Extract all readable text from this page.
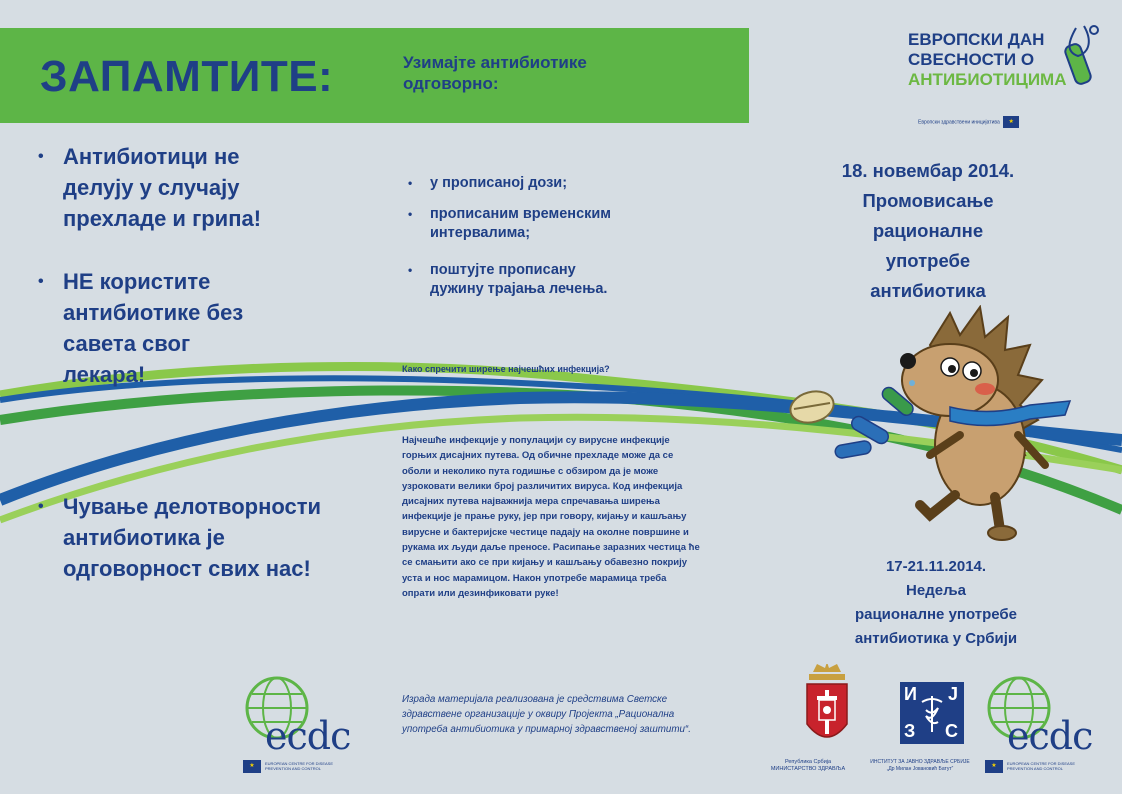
ЗАПАМТИТЕ:	Узимајте антибиотике одговорно:
ЕВРОПСКИ ДАН
СВЕСНОСТИ О
АНТИБИОТИЦИМА
Европски здравствени иницијатива ★
• Антибиотици не делују у случају прехладе и грипа!
• НЕ користите антибиотике без савета свог лекара!
• Чување делотворности антибиотика је одговорност свих нас!
• у прописаној дози;
• прописаним временским интервалима;
• поштујте прописану дужину трајања лечења.
Како спречити ширење најчешћих инфекција?
Најчешће инфекције у популацији су вирусне инфекције горњих дисајних путева. Од обичне прехладе може да се оболи и неколико пута годишње с обзиром да је може узроковати велики број различитих вируса. Код инфекција дисајних путева најважнија мера спречавања ширења инфекције је прање руку, јер при говору, кијању и кашљању вирусне и бактеријске честице падају на околне површине и рукама их људи даље преносе. Расипање заразних честица ће се смањити ако се при кијању и кашљању обавезно покрију уста и нос марамицом. Након употребе марамица треба опрати или дезинфиковати руке!
Израда материјала реализована је средствима Светске здравствене организације у оквиру Пројекта „Рационална употреба антибиотика у примарној здравственој заштити“.
18. новембар 2014.
Промовисање
рационалне
употребе
антибиотика
17-21.11.2014.
Недеља
рационалне употребе
антибиотика у Србији
ecdc
★	EUROPEAN CENTRE FOR DISEASE PREVENTION AND CONTROL
Република Србија
МИНИСТАРСТВО ЗДРАВЉА
И Ј
З С
ИНСТИТУТ ЗА ЈАВНО ЗДРАВЉЕ СРБИЈЕ
„Др Милан Јовановић Батут“
ecdc
★	EUROPEAN CENTRE FOR DISEASE PREVENTION AND CONTROL
